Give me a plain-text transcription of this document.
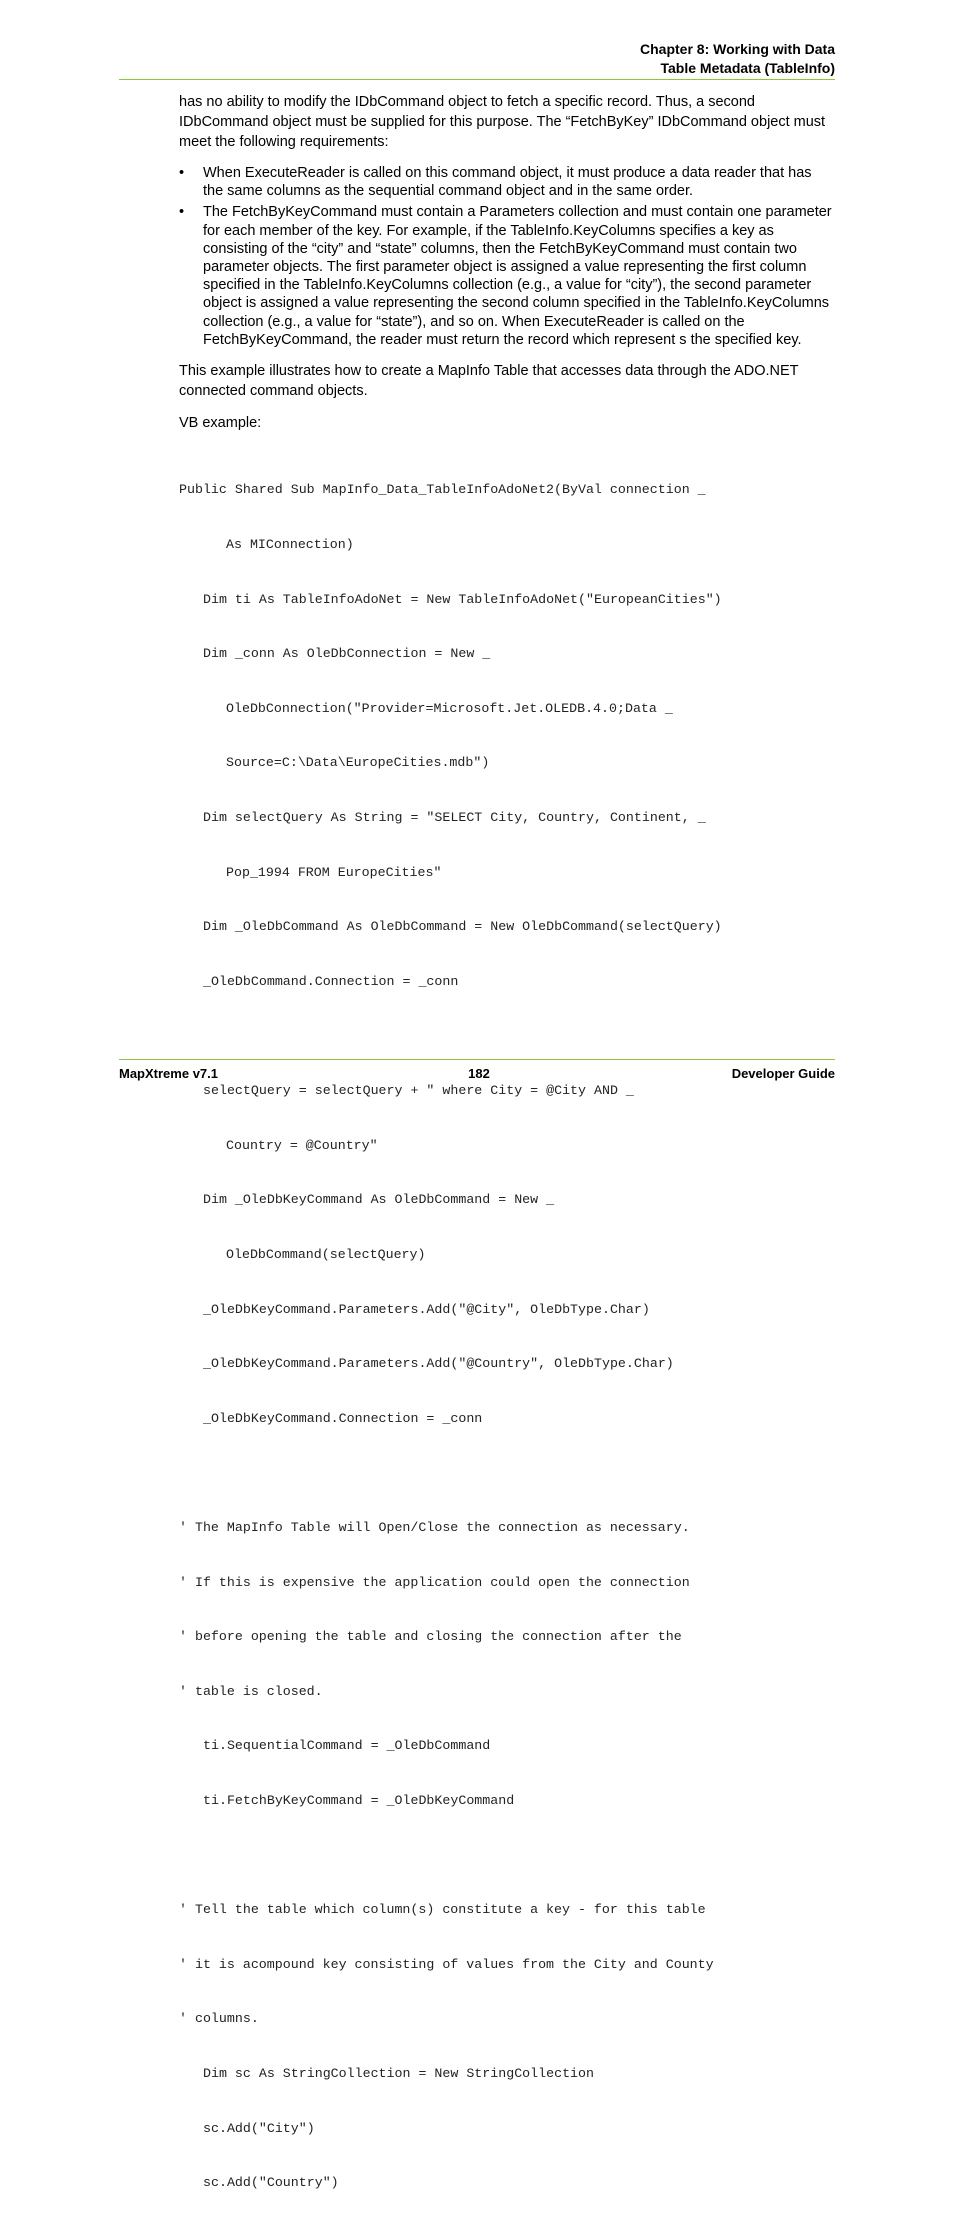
Chapter 8: Working with Data
Table Metadata (TableInfo)

has no ability to modify the IDbCommand object to fetch a specific record. Thus, a second IDbCommand object must be supplied for this purpose. The “FetchByKey” IDbCommand object must meet the following requirements:

• When ExecuteReader is called on this command object, it must produce a data reader that has the same columns as the sequential command object and in the same order.
• The FetchByKeyCommand must contain a Parameters collection and must contain one parameter for each member of the key. For example, if the TableInfo.KeyColumns specifies a key as consisting of the “city” and “state” columns, then the FetchByKeyCommand must contain two parameter objects. The first parameter object is assigned a value representing the first column specified in the TableInfo.KeyColumns collection (e.g., a value for “city”), the second parameter object is assigned a value representing the second column specified in the TableInfo.KeyColumns collection (e.g., a value for “state”), and so on. When ExecuteReader is called on the FetchByKeyCommand, the reader must return the record which represent s the specified key.

This example illustrates how to create a MapInfo Table that accesses data through the ADO.NET connected command objects.

VB example:

Public Shared Sub MapInfo_Data_TableInfoAdoNet2(ByVal connection _

As MIConnection)

Dim ti As TableInfoAdoNet = New TableInfoAdoNet("EuropeanCities")

Dim _conn As OleDbConnection = New _

OleDbConnection("Provider=Microsoft.Jet.OLEDB.4.0;Data _

Source=C:\Data\EuropeCities.mdb")

Dim selectQuery As String = "SELECT City, Country, Continent, _

Pop_1994 FROM EuropeCities"

Dim _OleDbCommand As OleDbCommand = New OleDbCommand(selectQuery)

_OleDbCommand.Connection = _conn

selectQuery = selectQuery + " where City = @City AND _

Country = @Country"

Dim _OleDbKeyCommand As OleDbCommand = New _

OleDbCommand(selectQuery)

_OleDbKeyCommand.Parameters.Add("@City", OleDbType.Char)

_OleDbKeyCommand.Parameters.Add("@Country", OleDbType.Char)

_OleDbKeyCommand.Connection = _conn

' The MapInfo Table will Open/Close the connection as necessary.

' If this is expensive the application could open the connection

' before opening the table and closing the connection after the

' table is closed.

ti.SequentialCommand = _OleDbCommand

ti.FetchByKeyCommand = _OleDbKeyCommand

' Tell the table which column(s) constitute a key - for this table

' it is acompound key consisting of values from the City and County

' columns.

Dim sc As StringCollection = New StringCollection

sc.Add("City")

sc.Add("Country")

MapXtreme v7.1	182	Developer Guide
